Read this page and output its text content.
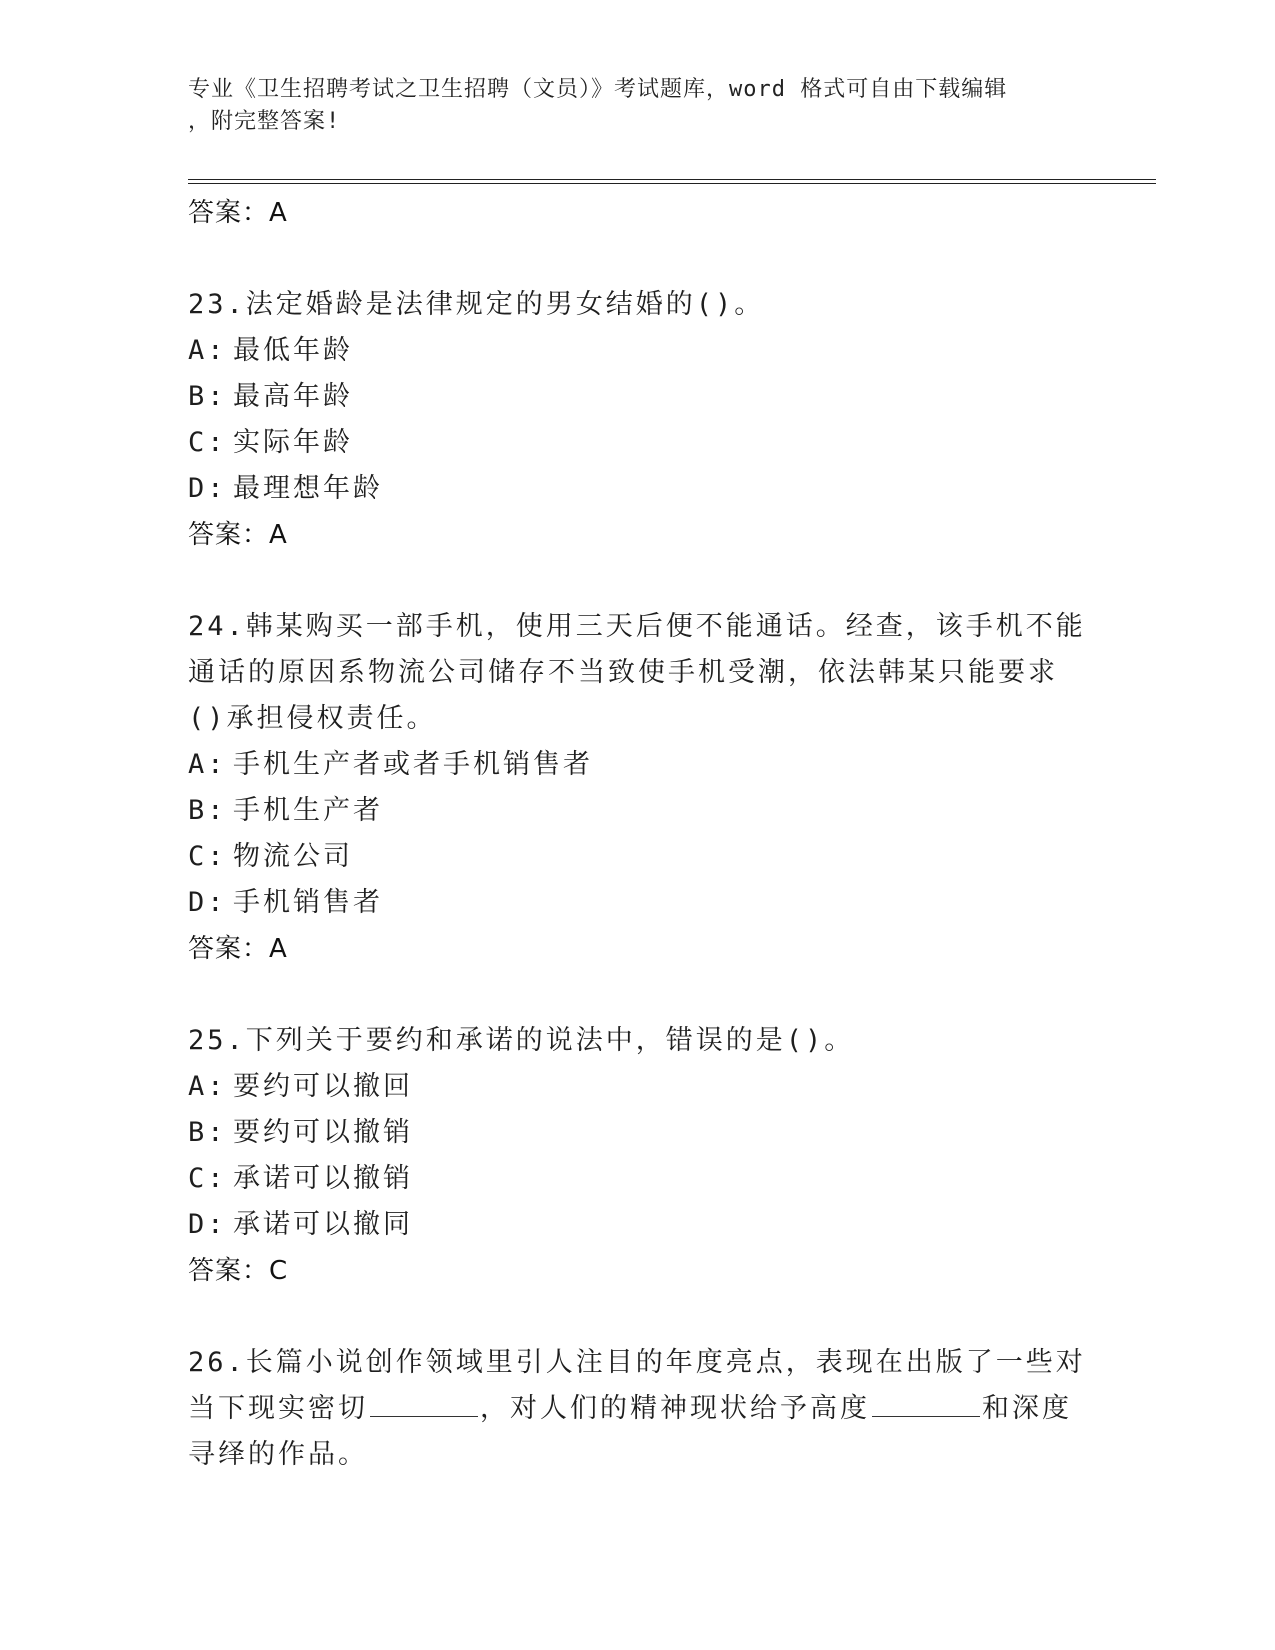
专业《卫生招聘考试之卫生招聘（文员）》考试题库，word 格式可自由下载编辑
，附完整答案!
答案：A
23.法定婚龄是法律规定的男女结婚的()。
A: 最低年龄
B: 最高年龄
C: 实际年龄
D: 最理想年龄
答案：A
24.韩某购买一部手机，使用三天后便不能通话。经查，该手机不能通话的原因系物流公司储存不当致使手机受潮，依法韩某只能要求()承担侵权责任。
A: 手机生产者或者手机销售者
B: 手机生产者
C: 物流公司
D: 手机销售者
答案：A
25.下列关于要约和承诺的说法中，错误的是()。
A: 要约可以撤回
B: 要约可以撤销
C: 承诺可以撤销
D: 承诺可以撤同
答案：C
26.长篇小说创作领域里引人注目的年度亮点，表现在出版了一些对当下现实密切	，对人们的精神现状给予高度	和深度寻绎的作品。
